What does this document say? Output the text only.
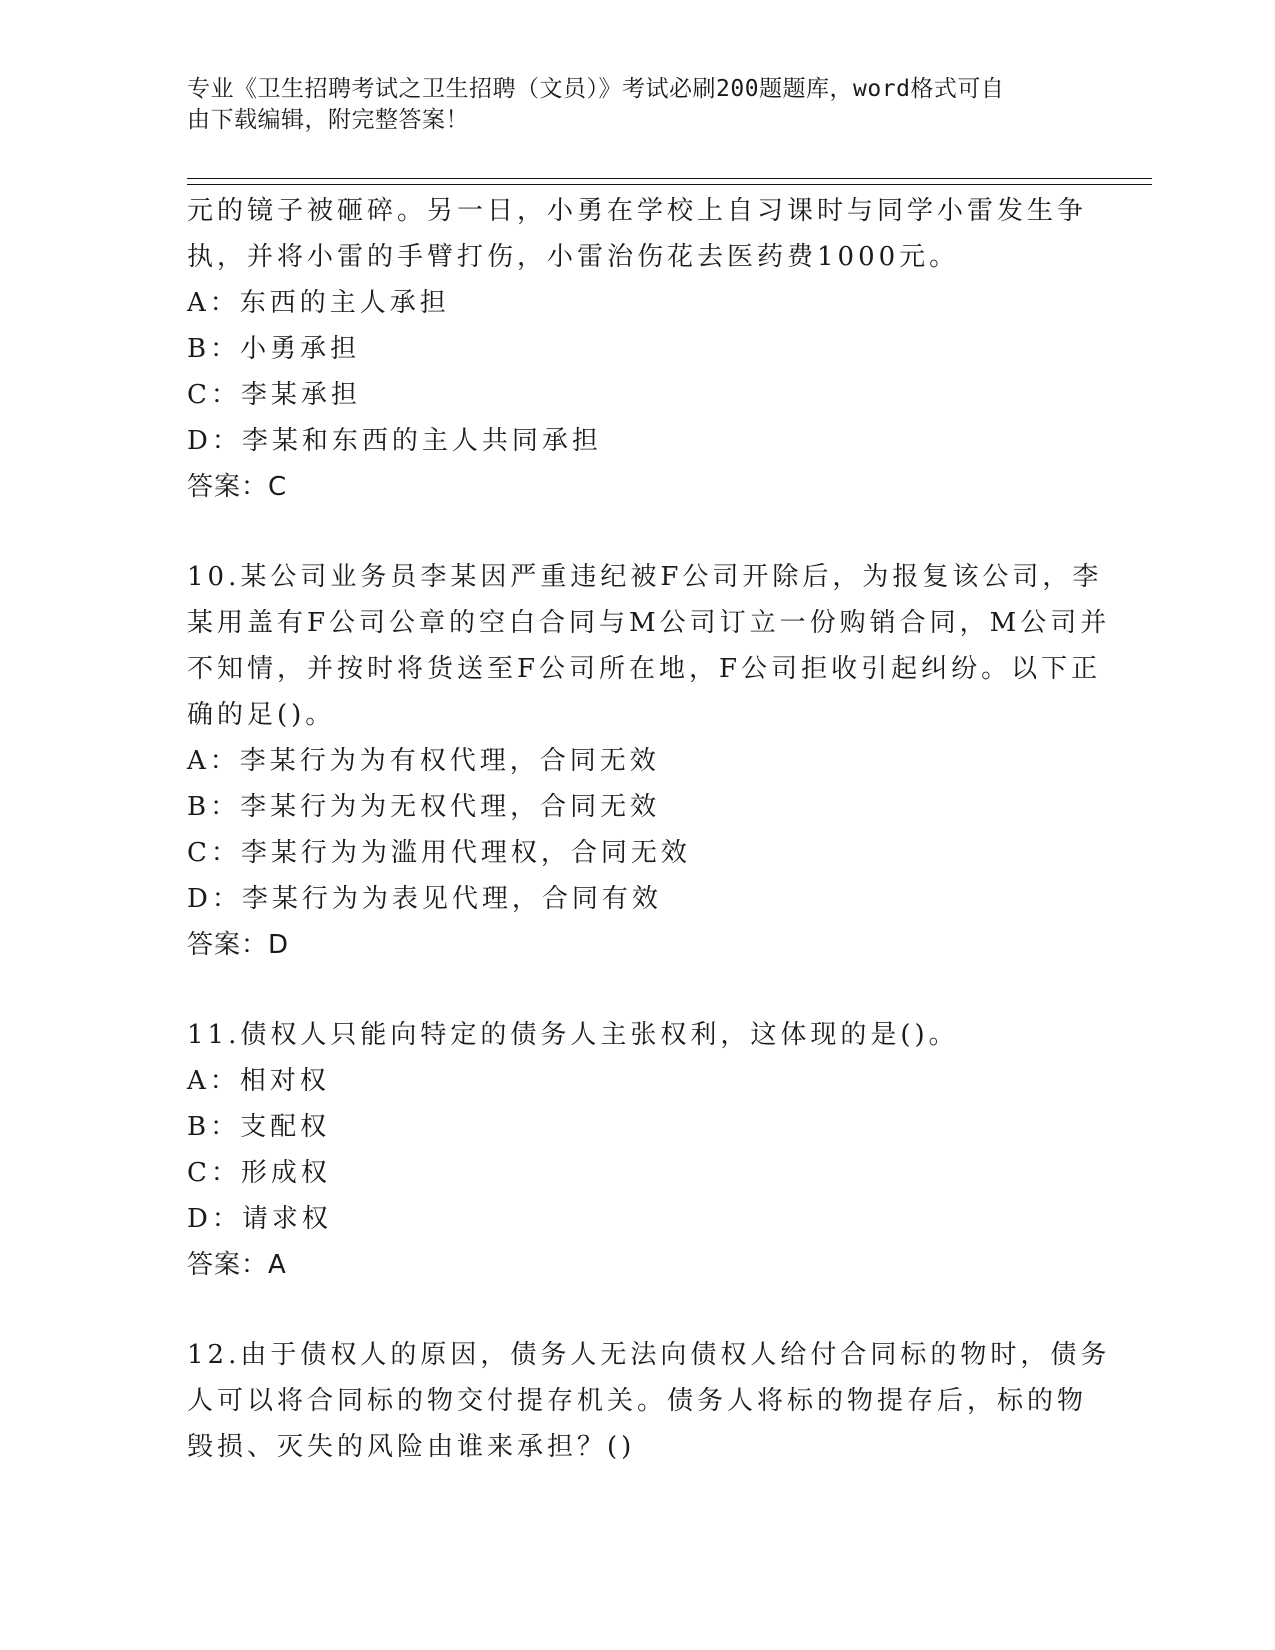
专业《卫生招聘考试之卫生招聘（文员）》考试必刷200题题库，word格式可自
由下载编辑，附完整答案！
元的镜子被砸碎。另一日，小勇在学校上自习课时与同学小雷发生争
执，并将小雷的手臂打伤，小雷治伤花去医药费1000元。
A：东西的主人承担
B：小勇承担
C：李某承担
D：李某和东西的主人共同承担
答案：C
10.某公司业务员李某因严重违纪被F公司开除后，为报复该公司，李
某用盖有F公司公章的空白合同与M公司订立一份购销合同，M公司并
不知情，并按时将货送至F公司所在地，F公司拒收引起纠纷。以下正
确的足()。
A：李某行为为有权代理，合同无效
B：李某行为为无权代理，合同无效
C：李某行为为滥用代理权，合同无效
D：李某行为为表见代理，合同有效
答案：D
11.债权人只能向特定的债务人主张权利，这体现的是()。
A：相对权
B：支配权
C：形成权
D：请求权
答案：A
12.由于债权人的原因，债务人无法向债权人给付合同标的物时，债务
人可以将合同标的物交付提存机关。债务人将标的物提存后，标的物
毁损、灭失的风险由谁来承担？()
